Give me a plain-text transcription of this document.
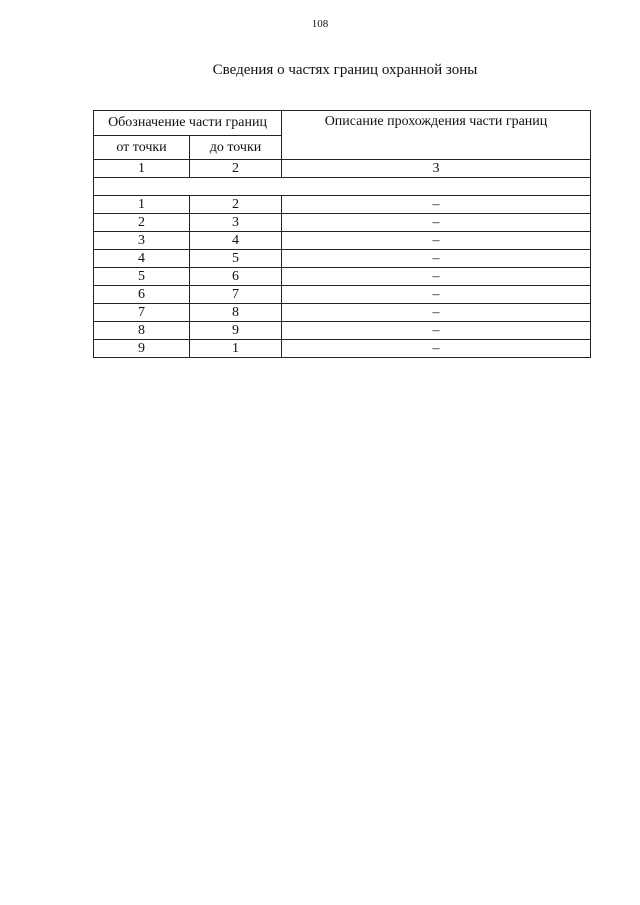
108
Сведения о частях границ охранной зоны
Обозначение части границ		Описание прохождения части границ
от точки	до точки	
1	2	3

1	2	–
2	3	–
3	4	–
4	5	–
5	6	–
6	7	–
7	8	–
8	9	–
9	1	–
